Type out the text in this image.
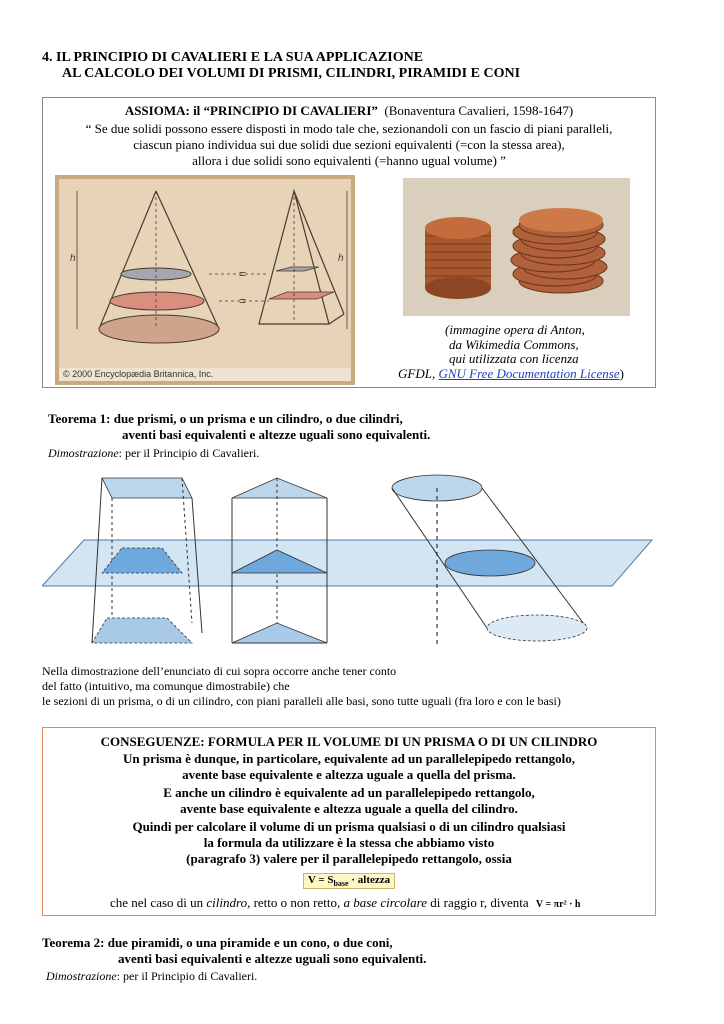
4. IL PRINCIPIO DI CAVALIERI E LA SUA APPLICAZIONE
AL CALCOLO DEI VOLUMI DI PRISMI, CILINDRI, PIRAMIDI E CONI
ASSIOMA: il “PRINCIPIO DI CAVALIERI” (Bonaventura Cavalieri, 1598-1647)
“ Se due solidi possono essere disposti in modo tale che, sezionandoli con un fascio di piani paralleli,
ciascun piano individua sui due solidi due sezioni equivalenti (=con la stessa area),
allora i due solidi sono equivalenti (=hanno ugual volume) ”
h
=
=
h
© 2000 Encyclopædia Britannica, Inc.
(immagine opera di Anton,
da Wikimedia Commons,
qui utilizzata con licenza
GFDL, GNU Free Documentation License)
Teorema 1: due prismi, o un prisma e un cilindro, o due cilindri,
aventi basi equivalenti e altezze uguali sono equivalenti.
Dimostrazione: per il Principio di Cavalieri.
Nella dimostrazione dell’enunciato di cui sopra occorre anche tener conto
del fatto (intuitivo, ma comunque dimostrabile) che
le sezioni di un prisma, o di un cilindro, con piani paralleli alle basi, sono tutte uguali (fra loro e con le basi)
CONSEGUENZE: FORMULA PER IL VOLUME DI UN PRISMA O DI UN CILINDRO
Un prisma è dunque, in particolare, equivalente ad un parallelepipedo rettangolo,
avente base equivalente e altezza uguale a quella del prisma.
E anche un cilindro è equivalente ad un parallelepipedo rettangolo,
avente base equivalente e altezza uguale a quella del cilindro.
Quindi per calcolare il volume di un prisma qualsiasi o di un cilindro qualsiasi
la formula da utilizzare è la stessa che abbiamo visto
(paragrafo 3) valere per il parallelepipedo rettangolo, ossia
$V = S_{base}$ · altezza
che nel caso di un cilindro, retto o non retto, a base circolare di raggio r, diventa V = πr² · h
Teorema 2: due piramidi, o una piramide e un cono, o due coni,
aventi basi equivalenti e altezze uguali sono equivalenti.
Dimostrazione: per il Principio di Cavalieri.
